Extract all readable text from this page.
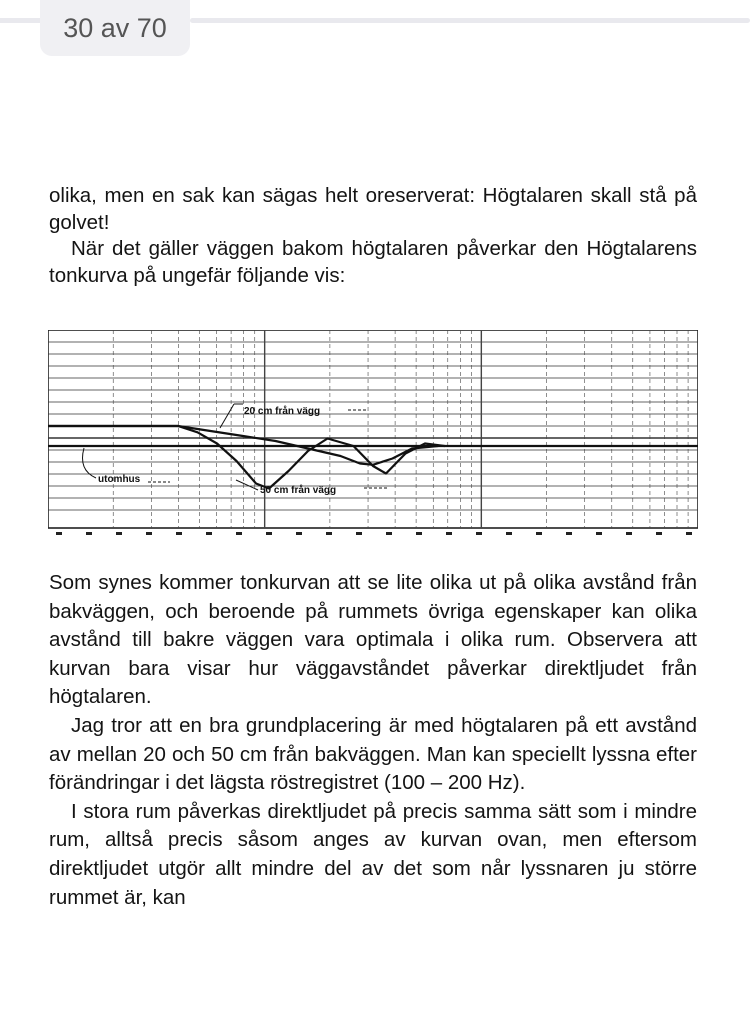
30 av 70

olika, men en sak kan sägas helt oreserverat: Högtalaren skall stå på golvet!

När det gäller väggen bakom högtalaren påverkar den Högtalarens tonkurva på ungefär följande vis:

20 cm från vägg
utomhus
50 cm från vägg

Som synes kommer tonkurvan att se lite olika ut på olika avstånd från bakväggen, och beroende på rummets övriga egenskaper kan olika avstånd till bakre väggen vara optimala i olika rum. Observera att kurvan bara visar hur väggavståndet påverkar direktljudet från högtalaren.

Jag tror att en bra grundplacering är med högtalaren på ett avstånd av mellan 20 och 50 cm från bakväggen. Man kan speciellt lyssna efter förändringar i det lägsta röstregistret (100 – 200 Hz).

I stora rum påverkas direktljudet på precis samma sätt som i mindre rum, alltså precis såsom anges av kurvan ovan, men eftersom direktljudet utgör allt mindre del av det som når lyssnaren ju större rummet är, kan
